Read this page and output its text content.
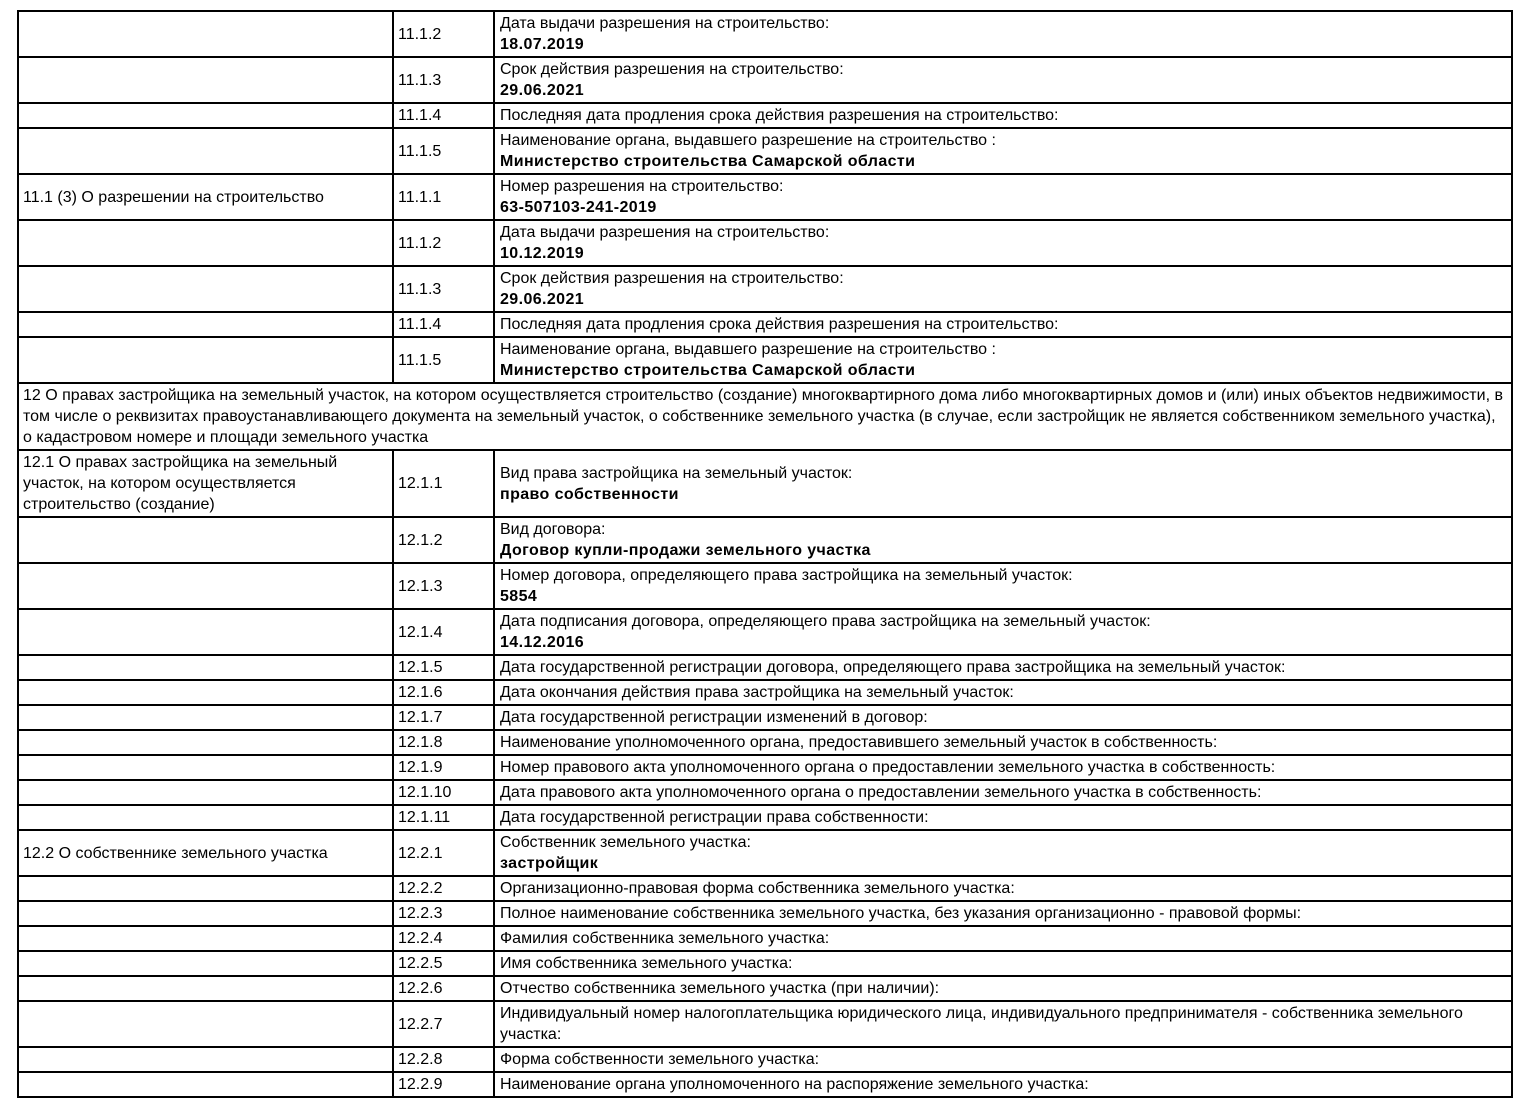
	11.1.2	Дата выдачи разрешения на строительство:
18.07.2019

	11.1.3	Срок действия разрешения на строительство:
29.06.2021

	11.1.4	Последняя дата продления срока действия разрешения на строительство:

	11.1.5	Наименование органа, выдавшего разрешение на строительство :
Министерство строительства Самарской области

11.1 (3) О разрешении на строительство	11.1.1	Номер разрешения на строительство:
63-507103-241-2019

	11.1.2	Дата выдачи разрешения на строительство:
10.12.2019

	11.1.3	Срок действия разрешения на строительство:
29.06.2021

	11.1.4	Последняя дата продления срока действия разрешения на строительство:

	11.1.5	Наименование органа, выдавшего разрешение на строительство :
Министерство строительства Самарской области

12 О правах застройщика на земельный участок, на котором осуществляется строительство (создание) многоквартирного дома либо многоквартирных домов и (или) иных объектов недвижимости, в том числе о реквизитах правоустанавливающего документа на земельный участок, о собственнике земельного участка (в случае, если застройщик не является собственником земельного участка), о кадастровом номере и площади земельного участка		
12.1 О правах застройщика на земельный участок, на котором осуществляется строительство (создание)	12.1.1	Вид права застройщика на земельный участок:
право собственности

	12.1.2	Вид договора:
Договор купли-продажи земельного участка

	12.1.3	Номер договора, определяющего права застройщика на земельный участок:
5854

	12.1.4	Дата подписания договора, определяющего права застройщика на земельный участок:
14.12.2016

	12.1.5	Дата государственной регистрации договора, определяющего права застройщика на земельный участок:

	12.1.6	Дата окончания действия права застройщика на земельный участок:

	12.1.7	Дата государственной регистрации изменений в договор:

	12.1.8	Наименование уполномоченного органа, предоставившего земельный участок в собственность:

	12.1.9	Номер правового акта уполномоченного органа о предоставлении земельного участка в собственность:

	12.1.10	Дата правового акта уполномоченного органа о предоставлении земельного участка в собственность:

	12.1.11	Дата государственной регистрации права собственности:

12.2 О собственнике земельного участка	12.2.1	Собственник земельного участка:
застройщик

	12.2.2	Организационно-правовая форма собственника земельного участка:

	12.2.3	Полное наименование собственника земельного участка, без указания организационно - правовой формы:

	12.2.4	Фамилия собственника земельного участка:

	12.2.5	Имя собственника земельного участка:

	12.2.6	Отчество собственника земельного участка (при наличии):

	12.2.7	Индивидуальный номер налогоплательщика юридического лица, индивидуального предпринимателя - собственника земельного участка:

	12.2.8	Форма собственности земельного участка:

	12.2.9	Наименование органа уполномоченного на распоряжение земельного участка:
